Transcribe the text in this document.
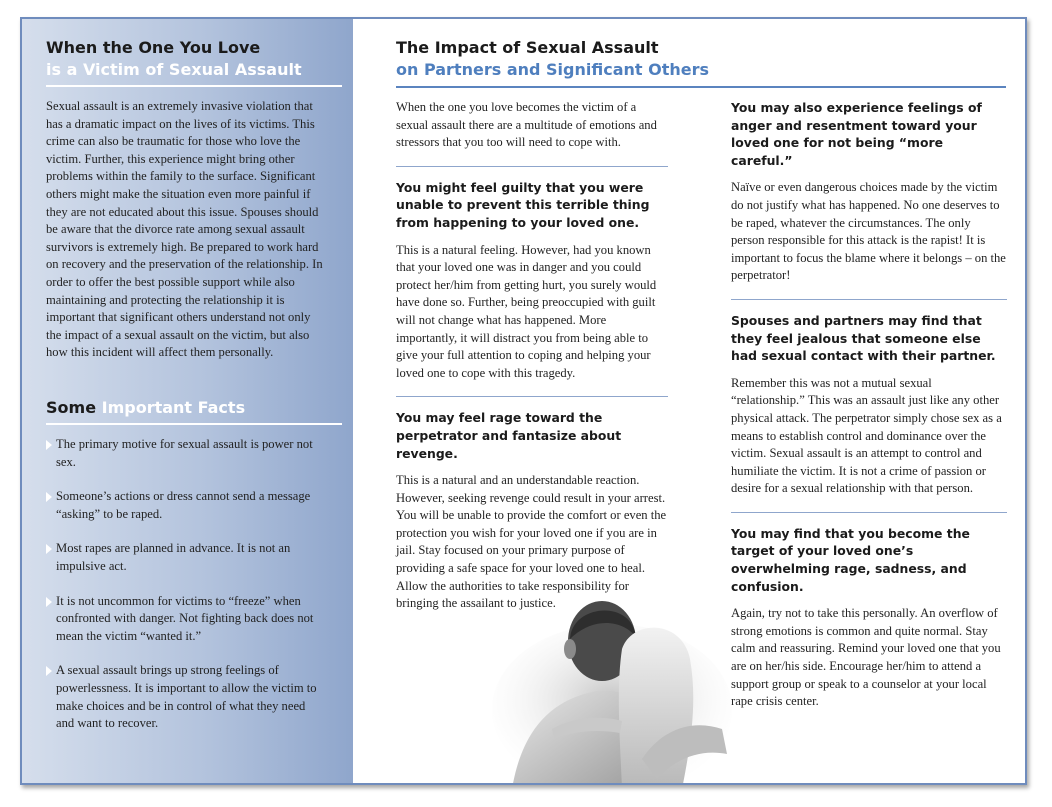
When the One You Love
is a Victim of Sexual Assault
Sexual assault is an extremely invasive violation that has a dramatic impact on the lives of its victims. This crime can also be traumatic for those who love the victim. Further, this experience might bring other problems within the family to the surface. Significant others might make the situation even more painful if they are not educated about this issue. Spouses should be aware that the divorce rate among sexual assault survivors is extremely high. Be prepared to work hard on recovery and the preservation of the relationship. In order to offer the best possible support while also maintaining and protecting the relationship it is important that significant others understand not only the impact of a sexual assault on the victim, but also how this incident will affect them personally.
Some Important Facts
The primary motive for sexual assault is power not sex.
Someone’s actions or dress cannot send a message “asking” to be raped.
Most rapes are planned in advance. It is not an impulsive act.
It is not uncommon for victims to “freeze” when confronted with danger. Not fighting back does not mean the victim “wanted it.”
A sexual assault brings up strong feelings of powerlessness. It is important to allow the victim to make choices and be in control of what they need and want to recover.
The Impact of Sexual Assault
on Partners and Significant Others

When the one you love becomes the victim of a sexual assault there are a multitude of emotions and stressors that you too will need to cope with.

You might feel guilty that you were unable to prevent this terrible thing from happening to your loved one.

This is a natural feeling. However, had you known that your loved one was in danger and you could protect her/him from getting hurt, you surely would have done so. Further, being preoccupied with guilt will not change what has happened. More importantly, it will distract you from being able to give your full attention to coping and helping your loved one to cope with this tragedy.

You may feel rage toward the perpetrator and fantasize about revenge.

This is a natural and an understandable reaction. However, seeking revenge could result in your arrest. You will be unable to provide the comfort or even the protection you wish for your loved one if you are in jail. Stay focused on your primary purpose of providing a safe space for your loved one to heal. Allow the authorities to take responsibility for bringing the assailant to justice.

You may also experience feelings of anger and resentment toward your loved one for not being “more careful.”

Naïve or even dangerous choices made by the victim do not justify what has happened. No one deserves to be raped, whatever the circumstances. The only person responsible for this attack is the rapist! It is important to focus the blame where it belongs – on the perpetrator!

Spouses and partners may find that they feel jealous that someone else had sexual contact with their partner.

Remember this was not a mutual sexual “relationship.” This was an assault just like any other physical attack. The perpetrator simply chose sex as a means to establish control and dominance over the victim. Sexual assault is an attempt to control and humiliate the victim. It is not a crime of passion or desire for a sexual relationship with that person.

You may find that you become the target of your loved one’s overwhelming rage, sadness, and confusion.

Again, try not to take this personally. An overflow of strong emotions is common and quite normal. Stay calm and reassuring. Remind your loved one that you are on her/his side. Encourage her/him to attend a support group or speak to a counselor at your local rape crisis center.
